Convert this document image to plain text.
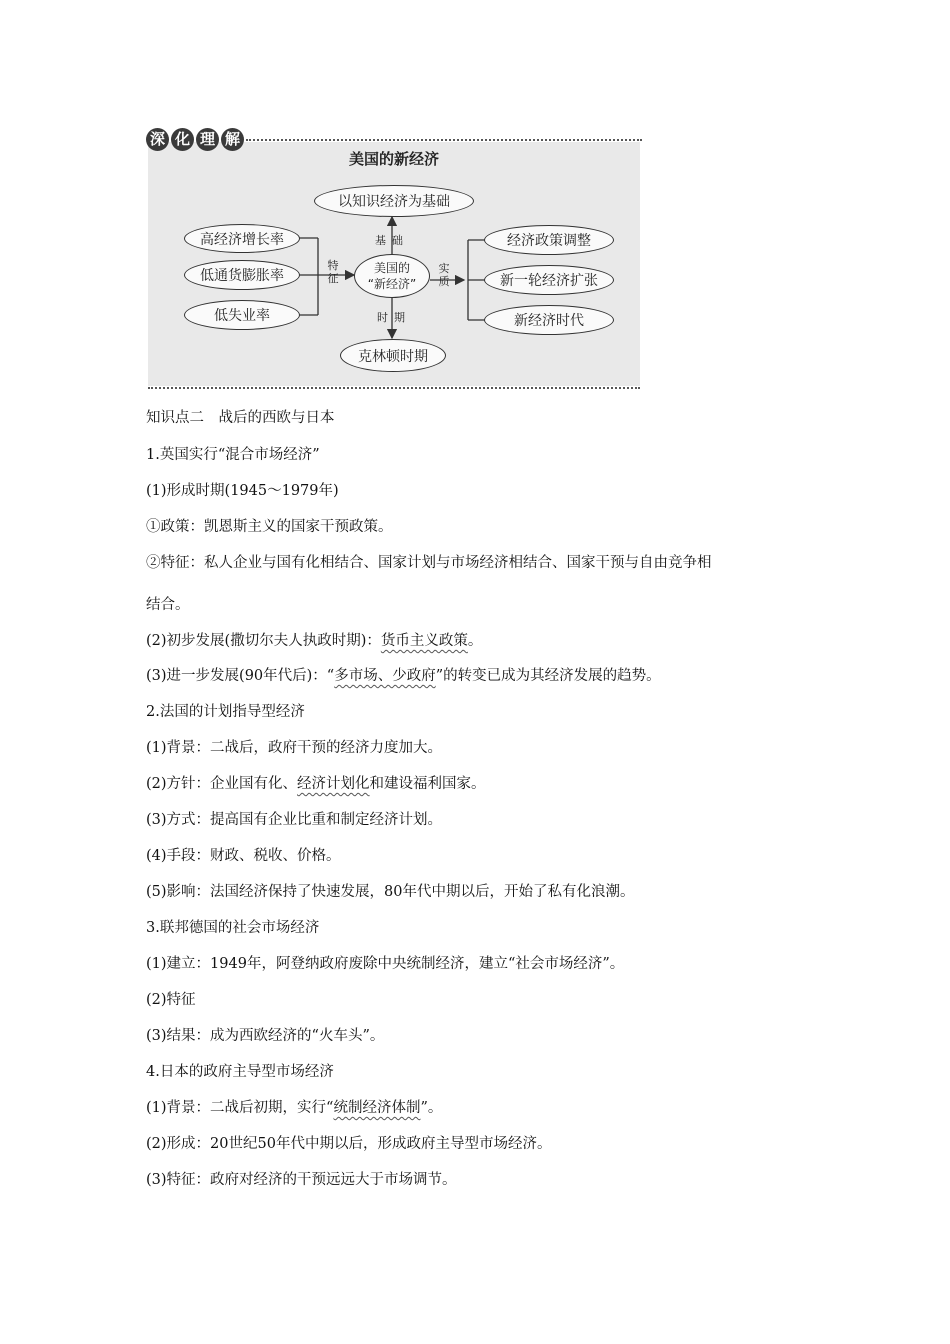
深 化 理 解
美国的新经济
以知识经济为基础
美国的
“新经济”
克林顿时期
高经济增长率
低通货膨胀率
低失业率
经济政策调整
新一轮经济扩张
新经济时代
基础
特征
实质
时期
知识点二　战后的西欧与日本
1.英国实行“混合市场经济”
(1)形成时期(1945～1979年)
①政策：凯恩斯主义的国家干预政策。
②特征：私人企业与国有化相结合、国家计划与市场经济相结合、国家干预与自由竞争相
结合。
(2)初步发展(撒切尔夫人执政时期)：货币主义政策。
(3)进一步发展(90年代后)：“多市场、少政府”的转变已成为其经济发展的趋势。
2.法国的计划指导型经济
(1)背景：二战后，政府干预的经济力度加大。
(2)方针：企业国有化、经济计划化和建设福利国家。
(3)方式：提高国有企业比重和制定经济计划。
(4)手段：财政、税收、价格。
(5)影响：法国经济保持了快速发展，80年代中期以后，开始了私有化浪潮。
3.联邦德国的社会市场经济
(1)建立：1949年，阿登纳政府废除中央统制经济，建立“社会市场经济”。
(2)特征
(3)结果：成为西欧经济的“火车头”。
4.日本的政府主导型市场经济
(1)背景：二战后初期，实行“统制经济体制”。
(2)形成：20世纪50年代中期以后，形成政府主导型市场经济。
(3)特征：政府对经济的干预远远大于市场调节。
